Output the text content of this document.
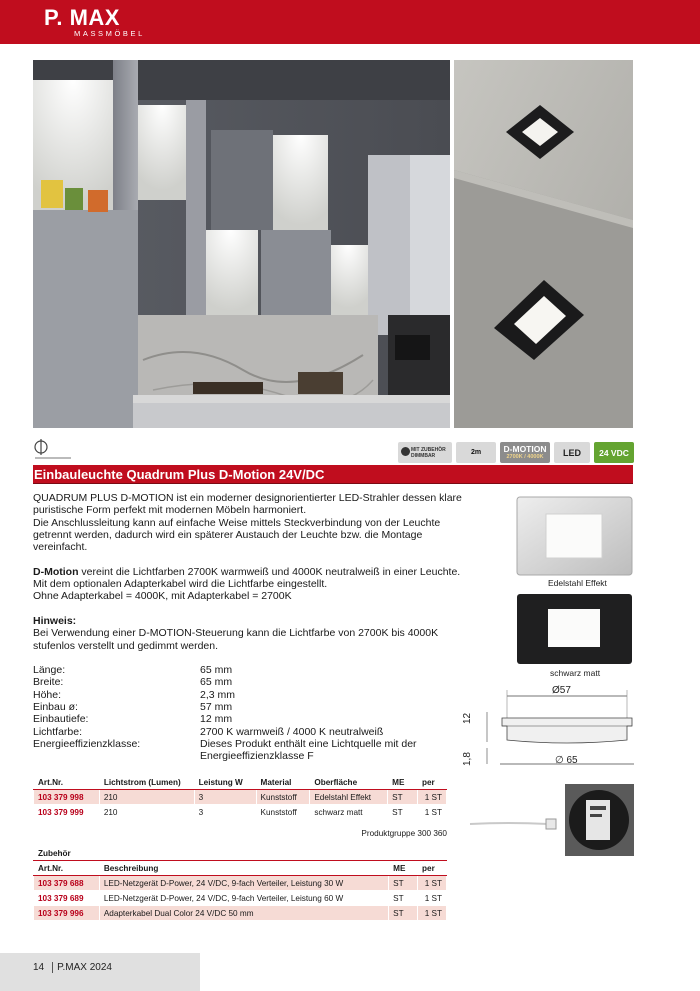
P. MAX
MASSMÖBEL
MIT ZUBEHÖR DIMMBAR	2m	D-MOTION
2700K / 4000K LED 24 VDC
Einbauleuchte Quadrum Plus D-Motion 24V/DC
QUADRUM PLUS D-MOTION ist ein moderner designorientierter LED-Strahler dessen klare puristische Form perfekt mit modernen Möbeln harmoniert.
Die Anschlussleitung kann auf einfache Weise mittels Steckverbindung von der Leuchte getrennt werden, dadurch wird ein späterer Austauch der Leuchte bzw. die Montage vereinfacht.
D-Motion vereint die Lichtfarben 2700K warmweiß und 4000K neutralweiß in einer Leuchte.
Mit dem optionalen Adapterkabel wird die Lichtfarbe eingestellt.
Ohne Adapterkabel = 4000K, mit Adapterkabel = 2700K
Hinweis:
Bei Verwendung einer D-MOTION-Steuerung kann die Lichtfarbe von 2700K bis 4000K stufenlos verstellt und gedimmt werden.
Länge:	65 mm
Breite:	65 mm
Höhe:	2,3 mm
Einbau ø:	57 mm
Einbautiefe:	12 mm
Lichtfarbe:	2700 K warmweiß / 4000 K neutralweiß
Energieeffizienzklasse:	Dieses Produkt enthält eine Lichtquelle mit der Energieeffizienzklasse F
Edelstahl Effekt
schwarz matt
Ø57
∅ 65
12
1,8
Art.Nr.	Lichtstrom (Lumen)	Leistung W	Material	Oberfläche	ME	per
103 379 998	210	3	Kunststoff	Edelstahl Effekt	ST	1 ST
103 379 999	210	3	Kunststoff	schwarz matt	ST	1 ST
Produktgruppe 300 360
Zubehör			
Art.Nr.	Beschreibung	ME	per
103 379 688	LED-Netzgerät D-Power, 24 V/DC, 9-fach Verteiler, Leistung 30 W	ST	1 ST
103 379 689	LED-Netzgerät D-Power, 24 V/DC, 9-fach Verteiler, Leistung 60 W	ST	1 ST
103 379 996	Adapterkabel Dual Color 24 V/DC 50 mm	ST	1 ST
14	P.MAX 2024
